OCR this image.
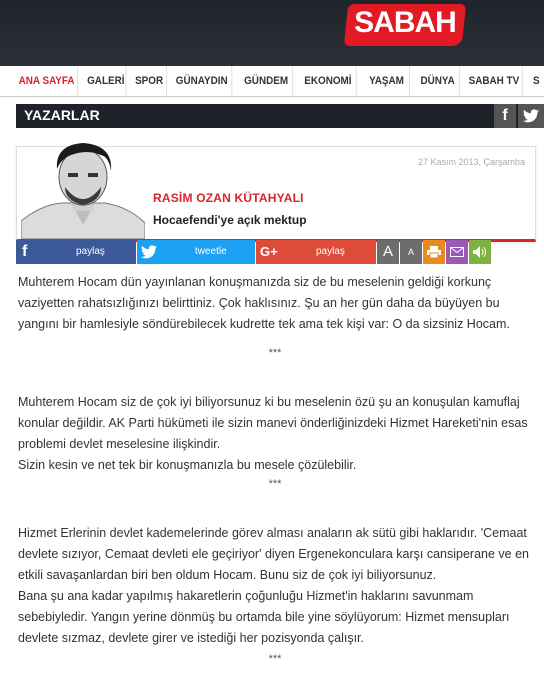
SABAH
ANA SAYFA	GALERİ SPOR	GÜNAYDIN	GÜNDEM	EKONOMİ	YAŞAM	DÜNYA	SABAH TV	S
YAZARLAR	f
27 Kasım 2013, Çarşamba
RASİM OZAN KÜTAHYALI
Hocaefendi'ye açık mektup
f	paylaş	tweetle	G+	paylaş	A	A

Muhterem Hocam dün yayınlanan konuşmanızda siz de bu meselenin geldiği korkunç vaziyetten rahatsızlığınızı belirttiniz. Çok haklısınız. Şu an her gün daha da büyüyen bu yangını bir hamlesiyle söndürebilecek kudrette tek ama tek kişi var: O da sizsiniz Hocam.

***

Muhterem Hocam siz de çok iyi biliyorsunuz ki bu meselenin özü şu an konuşulan kamuflaj konular değildir. AK Parti hükümeti ile sizin manevi önderliğinizdeki Hizmet Hareketi'nin esas problemi devlet meselesine ilişkindir.

Sizin kesin ve net tek bir konuşmanızla bu mesele çözülebilir.

***

Hizmet Erlerinin devlet kademelerinde görev alması anaların ak sütü gibi haklarıdır. 'Cemaat devlete sızıyor, Cemaat devleti ele geçiriyor' diyen Ergenekonculara karşı cansiperane ve en etkili savaşanlardan biri ben oldum Hocam. Bunu siz de çok iyi biliyorsunuz.

Bana şu ana kadar yapılmış hakaretlerin çoğunluğu Hizmet'in haklarını savunmam sebebiyledir. Yangın yerine dönmüş bu ortamda bile yine söylüyorum: Hizmet mensupları devlete sızmaz, devlete girer ve istediği her pozisyonda çalışır.

***
